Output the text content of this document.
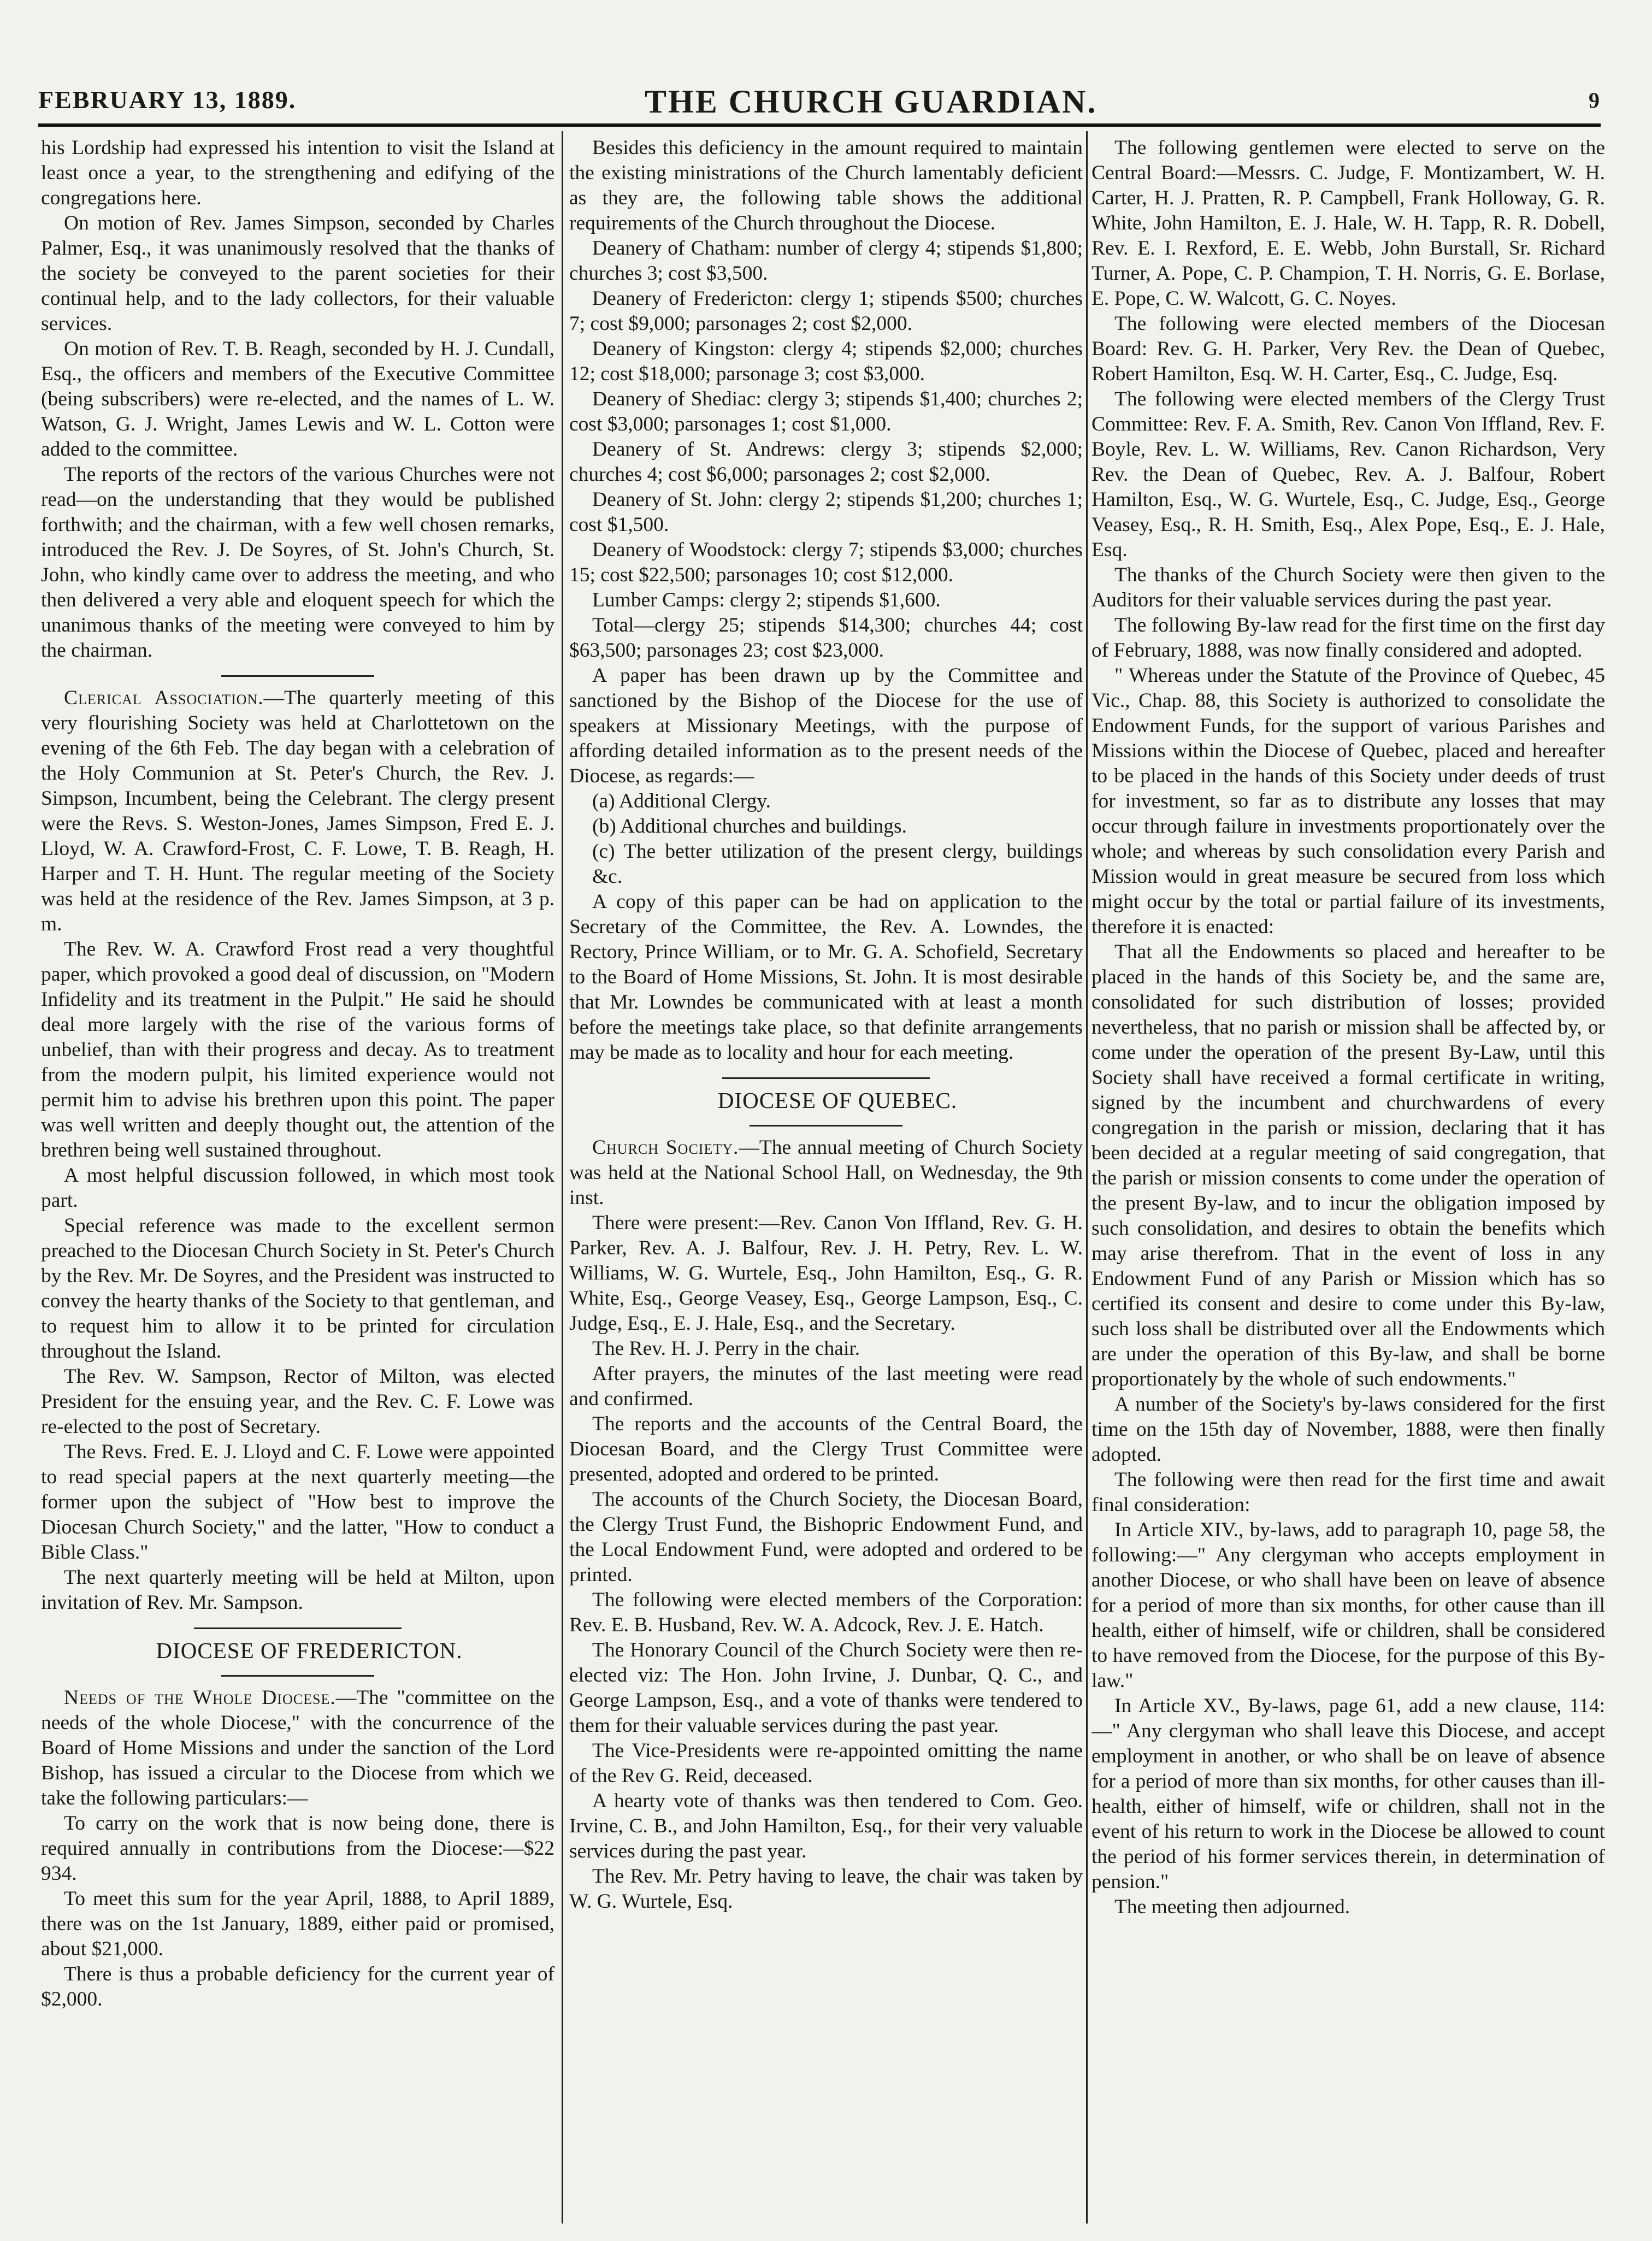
FEBRUARY 13, 1889.	THE CHURCH GUARDIAN.	9

his Lordship had expressed his intention to visit the Island at least once a year, to the strengthening and edifying of the congregations here.

On motion of Rev. James Simpson, seconded by Charles Palmer, Esq., it was unanimously resolved that the thanks of the society be conveyed to the parent societies for their continual help, and to the lady collectors, for their valuable services.

On motion of Rev. T. B. Reagh, seconded by H. J. Cundall, Esq., the officers and members of the Executive Committee (being subscribers) were re-elected, and the names of L. W. Watson, G. J. Wright, James Lewis and W. L. Cotton were added to the committee.

The reports of the rectors of the various Churches were not read—on the understanding that they would be published forthwith; and the chairman, with a few well chosen remarks, introduced the Rev. J. De Soyres, of St. John's Church, St. John, who kindly came over to address the meeting, and who then delivered a very able and eloquent speech for which the unanimous thanks of the meeting were conveyed to him by the chairman.

Clerical Association.—The quarterly meeting of this very flourishing Society was held at Charlottetown on the evening of the 6th Feb. The day began with a celebration of the Holy Communion at St. Peter's Church, the Rev. J. Simpson, Incumbent, being the Celebrant. The clergy present were the Revs. S. Weston-Jones, James Simpson, Fred E. J. Lloyd, W. A. Crawford-Frost, C. F. Lowe, T. B. Reagh, H. Harper and T. H. Hunt. The regular meeting of the Society was held at the residence of the Rev. James Simpson, at 3 p. m.

The Rev. W. A. Crawford Frost read a very thoughtful paper, which provoked a good deal of discussion, on "Modern Infidelity and its treatment in the Pulpit." He said he should deal more largely with the rise of the various forms of unbelief, than with their progress and decay. As to treatment from the modern pulpit, his limited experience would not permit him to advise his brethren upon this point. The paper was well written and deeply thought out, the attention of the brethren being well sustained throughout.

A most helpful discussion followed, in which most took part.

Special reference was made to the excellent sermon preached to the Diocesan Church Society in St. Peter's Church by the Rev. Mr. De Soyres, and the President was instructed to convey the hearty thanks of the Society to that gentleman, and to request him to allow it to be printed for circulation throughout the Island.

The Rev. W. Sampson, Rector of Milton, was elected President for the ensuing year, and the Rev. C. F. Lowe was re-elected to the post of Secretary.

The Revs. Fred. E. J. Lloyd and C. F. Lowe were appointed to read special papers at the next quarterly meeting—the former upon the subject of "How best to improve the Diocesan Church Society," and the latter, "How to conduct a Bible Class."

The next quarterly meeting will be held at Milton, upon invitation of Rev. Mr. Sampson.

DIOCESE OF FREDERICTON.

Needs of the Whole Diocese.—The "committee on the needs of the whole Diocese," with the concurrence of the Board of Home Missions and under the sanction of the Lord Bishop, has issued a circular to the Diocese from which we take the following particulars:—

To carry on the work that is now being done, there is required annually in contributions from the Diocese:—$22 934.

To meet this sum for the year April, 1888, to April 1889, there was on the 1st January, 1889, either paid or promised, about $21,000.

There is thus a probable deficiency for the current year of $2,000.

Besides this deficiency in the amount required to maintain the existing ministrations of the Church lamentably deficient as they are, the following table shows the additional requirements of the Church throughout the Diocese.

Deanery of Chatham: number of clergy 4; stipends $1,800; churches 3; cost $3,500.

Deanery of Fredericton: clergy 1; stipends $500; churches 7; cost $9,000; parsonages 2; cost $2,000.

Deanery of Kingston: clergy 4; stipends $2,000; churches 12; cost $18,000; parsonage 3; cost $3,000.

Deanery of Shediac: clergy 3; stipends $1,400; churches 2; cost $3,000; parsonages 1; cost $1,000.

Deanery of St. Andrews: clergy 3; stipends $2,000; churches 4; cost $6,000; parsonages 2; cost $2,000.

Deanery of St. John: clergy 2; stipends $1,200; churches 1; cost $1,500.

Deanery of Woodstock: clergy 7; stipends $3,000; churches 15; cost $22,500; parsonages 10; cost $12,000.

Lumber Camps: clergy 2; stipends $1,600.

Total—clergy 25; stipends $14,300; churches 44; cost $63,500; parsonages 23; cost $23,000.

A paper has been drawn up by the Committee and sanctioned by the Bishop of the Diocese for the use of speakers at Missionary Meetings, with the purpose of affording detailed information as to the present needs of the Diocese, as regards:—

(a) Additional Clergy.

(b) Additional churches and buildings.

(c) The better utilization of the present clergy, buildings &c.

A copy of this paper can be had on application to the Secretary of the Committee, the Rev. A. Lowndes, the Rectory, Prince William, or to Mr. G. A. Schofield, Secretary to the Board of Home Missions, St. John. It is most desirable that Mr. Lowndes be communicated with at least a month before the meetings take place, so that definite arrangements may be made as to locality and hour for each meeting.

DIOCESE OF QUEBEC.

Church Society.—The annual meeting of Church Society was held at the National School Hall, on Wednesday, the 9th inst.

There were present:—Rev. Canon Von Iffland, Rev. G. H. Parker, Rev. A. J. Balfour, Rev. J. H. Petry, Rev. L. W. Williams, W. G. Wurtele, Esq., John Hamilton, Esq., G. R. White, Esq., George Veasey, Esq., George Lampson, Esq., C. Judge, Esq., E. J. Hale, Esq., and the Secretary.

The Rev. H. J. Perry in the chair.

After prayers, the minutes of the last meeting were read and confirmed.

The reports and the accounts of the Central Board, the Diocesan Board, and the Clergy Trust Committee were presented, adopted and ordered to be printed.

The accounts of the Church Society, the Diocesan Board, the Clergy Trust Fund, the Bishopric Endowment Fund, and the Local Endowment Fund, were adopted and ordered to be printed.

The following were elected members of the Corporation: Rev. E. B. Husband, Rev. W. A. Adcock, Rev. J. E. Hatch.

The Honorary Council of the Church Society were then re-elected viz: The Hon. John Irvine, J. Dunbar, Q. C., and George Lampson, Esq., and a vote of thanks were tendered to them for their valuable services during the past year.

The Vice-Presidents were re-appointed omitting the name of the Rev G. Reid, deceased.

A hearty vote of thanks was then tendered to Com. Geo. Irvine, C. B., and John Hamilton, Esq., for their very valuable services during the past year.

The Rev. Mr. Petry having to leave, the chair was taken by W. G. Wurtele, Esq.

The following gentlemen were elected to serve on the Central Board:—Messrs. C. Judge, F. Montizambert, W. H. Carter, H. J. Pratten, R. P. Campbell, Frank Holloway, G. R. White, John Hamilton, E. J. Hale, W. H. Tapp, R. R. Dobell, Rev. E. I. Rexford, E. E. Webb, John Burstall, Sr. Richard Turner, A. Pope, C. P. Champion, T. H. Norris, G. E. Borlase, E. Pope, C. W. Walcott, G. C. Noyes.

The following were elected members of the Diocesan Board: Rev. G. H. Parker, Very Rev. the Dean of Quebec, Robert Hamilton, Esq. W. H. Carter, Esq., C. Judge, Esq.

The following were elected members of the Clergy Trust Committee: Rev. F. A. Smith, Rev. Canon Von Iffland, Rev. F. Boyle, Rev. L. W. Williams, Rev. Canon Richardson, Very Rev. the Dean of Quebec, Rev. A. J. Balfour, Robert Hamilton, Esq., W. G. Wurtele, Esq., C. Judge, Esq., George Veasey, Esq., R. H. Smith, Esq., Alex Pope, Esq., E. J. Hale, Esq.

The thanks of the Church Society were then given to the Auditors for their valuable services during the past year.

The following By-law read for the first time on the first day of February, 1888, was now finally considered and adopted.

" Whereas under the Statute of the Province of Quebec, 45 Vic., Chap. 88, this Society is authorized to consolidate the Endowment Funds, for the support of various Parishes and Missions within the Diocese of Quebec, placed and hereafter to be placed in the hands of this Society under deeds of trust for investment, so far as to distribute any losses that may occur through failure in investments proportionately over the whole; and whereas by such consolidation every Parish and Mission would in great measure be secured from loss which might occur by the total or partial failure of its investments, therefore it is enacted:

That all the Endowments so placed and hereafter to be placed in the hands of this Society be, and the same are, consolidated for such distribution of losses; provided nevertheless, that no parish or mission shall be affected by, or come under the operation of the present By-Law, until this Society shall have received a formal certificate in writing, signed by the incumbent and churchwardens of every congregation in the parish or mission, declaring that it has been decided at a regular meeting of said congregation, that the parish or mission consents to come under the operation of the present By-law, and to incur the obligation imposed by such consolidation, and desires to obtain the benefits which may arise therefrom. That in the event of loss in any Endowment Fund of any Parish or Mission which has so certified its consent and desire to come under this By-law, such loss shall be distributed over all the Endowments which are under the operation of this By-law, and shall be borne proportionately by the whole of such endowments."

A number of the Society's by-laws considered for the first time on the 15th day of November, 1888, were then finally adopted.

The following were then read for the first time and await final consideration:

In Article XIV., by-laws, add to paragraph 10, page 58, the following:—" Any clergyman who accepts employment in another Diocese, or who shall have been on leave of absence for a period of more than six months, for other cause than ill health, either of himself, wife or children, shall be considered to have removed from the Diocese, for the purpose of this By-law."

In Article XV., By-laws, page 61, add a new clause, 114:—" Any clergyman who shall leave this Diocese, and accept employment in another, or who shall be on leave of absence for a period of more than six months, for other causes than ill-health, either of himself, wife or children, shall not in the event of his return to work in the Diocese be allowed to count the period of his former services therein, in determination of pension."

The meeting then adjourned.
